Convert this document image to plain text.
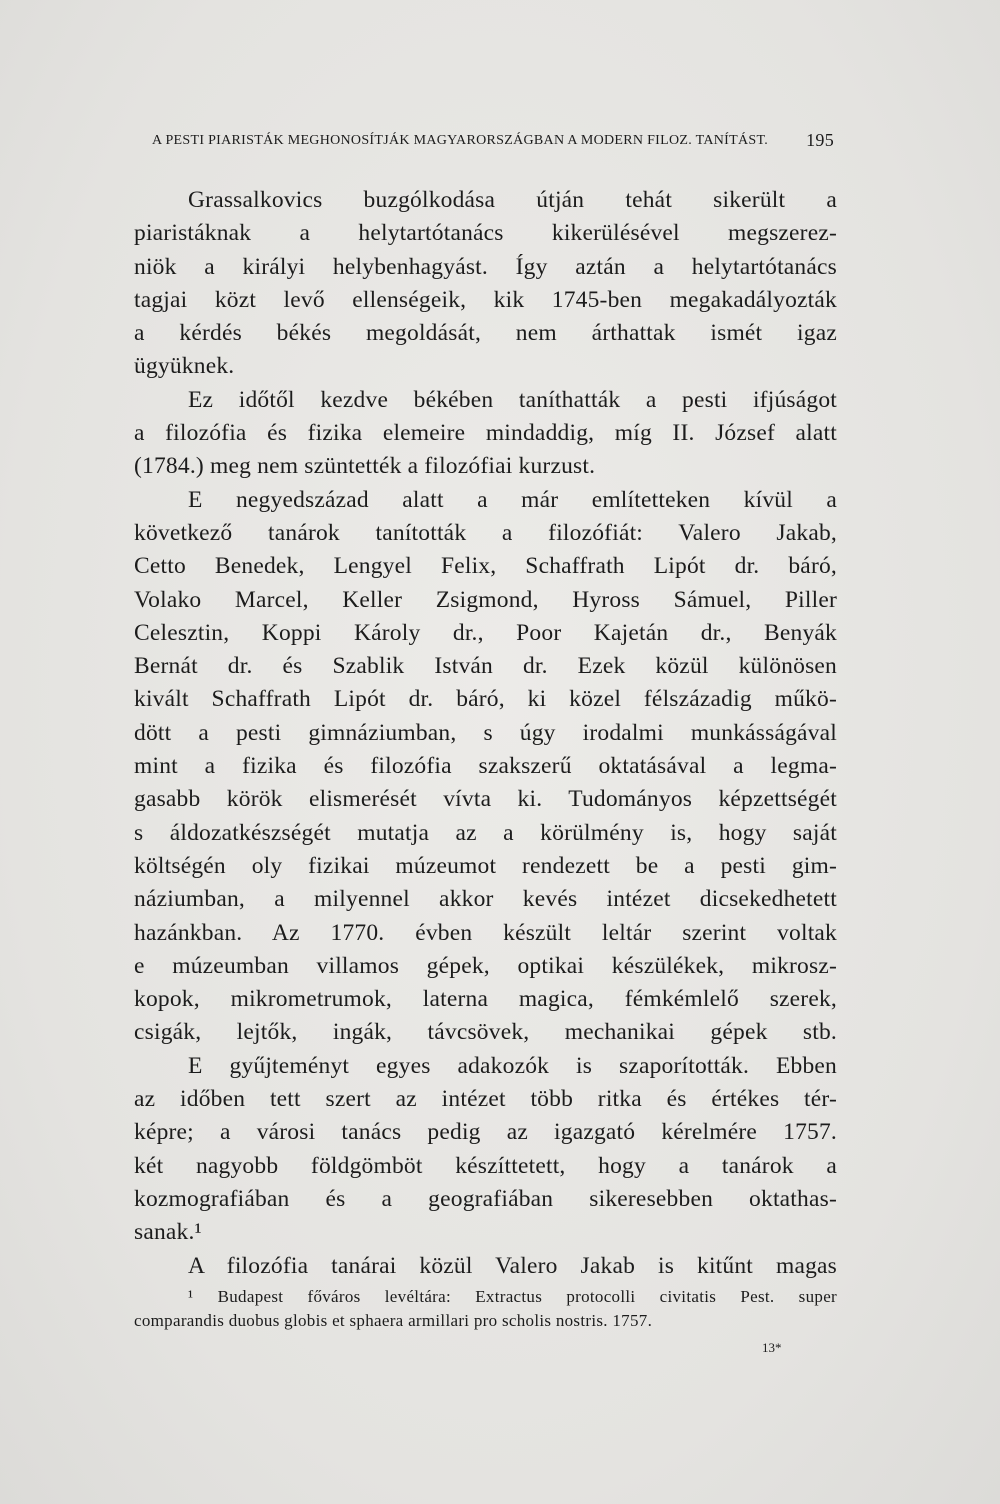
A PESTI PIARISTÁK MEGHONOSÍTJÁK MAGYARORSZÁGBAN A MODERN FILOZ. TANÍTÁST. 195
Grassalkovics buzgólkodása útján tehát sikerült a
piaristáknak a helytartótanács kikerülésével megszerez-
niök a királyi helybenhagyást. Így aztán a helytartótanács
tagjai közt levő ellenségeik, kik 1745-ben megakadályozták
a kérdés békés megoldását, nem árthattak ismét igaz
ügyüknek.
Ez időtől kezdve békében taníthatták a pesti ifjúságot
a filozófia és fizika elemeire mindaddig, míg II. József alatt
(1784.) meg nem szüntették a filozófiai kurzust.
E negyedszázad alatt a már említetteken kívül a
következő tanárok tanították a filozófiát: Valero Jakab,
Cetto Benedek, Lengyel Felix, Schaffrath Lipót dr. báró,
Volako Marcel, Keller Zsigmond, Hyross Sámuel, Piller
Celesztin, Koppi Károly dr., Poor Kajetán dr., Benyák
Bernát dr. és Szablik István dr. Ezek közül különösen
kivált Schaffrath Lipót dr. báró, ki közel félszázadig műkö-
dött a pesti gimnáziumban, s úgy irodalmi munkásságával
mint a fizika és filozófia szakszerű oktatásával a legma-
gasabb körök elismerését vívta ki. Tudományos képzettségét
s áldozatkészségét mutatja az a körülmény is, hogy saját
költségén oly fizikai múzeumot rendezett be a pesti gim-
náziumban, a milyennel akkor kevés intézet dicsekedhetett
hazánkban. Az 1770. évben készült leltár szerint voltak
e múzeumban villamos gépek, optikai készülékek, mikrosz-
kopok, mikrometrumok, laterna magica, fémkémlelő szerek,
csigák, lejtők, ingák, távcsövek, mechanikai gépek stb.
E gyűjteményt egyes adakozók is szaporították. Ebben
az időben tett szert az intézet több ritka és értékes tér-
képre; a városi tanács pedig az igazgató kérelmére 1757.
két nagyobb földgömböt készíttetett, hogy a tanárok a
kozmografiában és a geografiában sikeresebben oktathas-
sanak.¹
A filozófia tanárai közül Valero Jakab is kitűnt magas
¹ Budapest főváros levéltára: Extractus protocolli civitatis Pest. super
comparandis duobus globis et sphaera armillari pro scholis nostris. 1757.
13*
